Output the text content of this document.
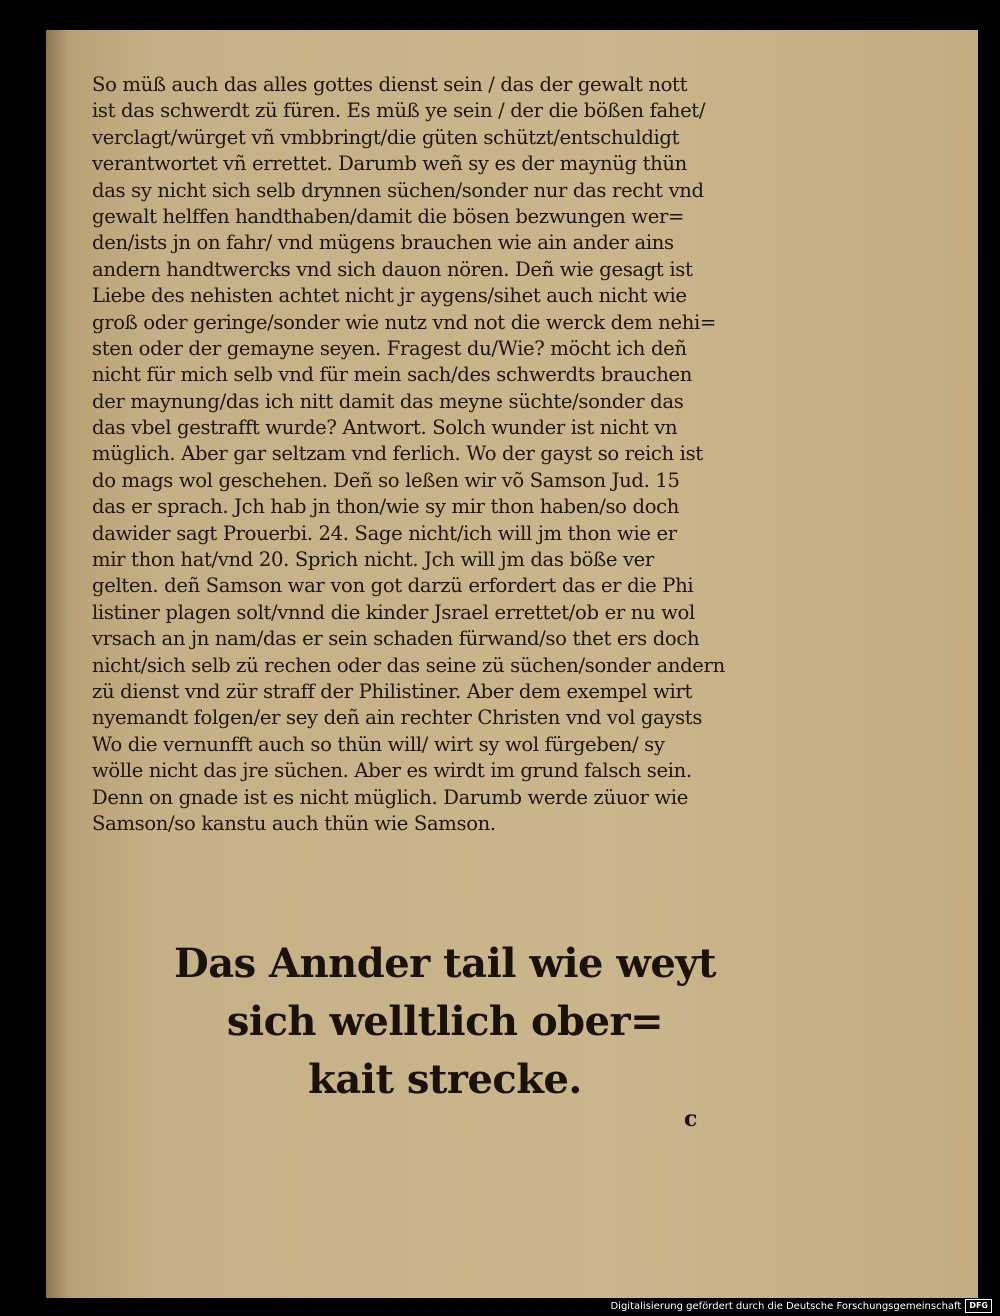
So müß auch das alles gottes dienst sein / das der gewalt nott
ist das schwerdt zü füren. Es müß ye sein / der die bößen fahet/
verclagt/würget vñ vmbbringt/die güten schützt/entschuldigt
verantwortet vñ errettet. Darumb weñ sy es der maynüg thün
das sy nicht sich selb drynnen süchen/sonder nur das recht vnd
gewalt helffen handthaben/damit die bösen bezwungen wer=
den/ists jn on fahr/ vnd mügens brauchen wie ain ander ains
andern handtwercks vnd sich dauon nören. Deñ wie gesagt ist
Liebe des nehisten achtet nicht jr aygens/sihet auch nicht wie
groß oder geringe/sonder wie nutz vnd not die werck dem nehi=
sten oder der gemayne seyen. Fragest du/Wie? möcht ich deñ
nicht für mich selb vnd für mein sach/des schwerdts brauchen
der maynung/das ich nitt damit das meyne süchte/sonder das
das vbel gestrafft wurde? Antwort. Solch wunder ist nicht vn
müglich. Aber gar seltzam vnd ferlich. Wo der gayst so reich ist
do mags wol geschehen. Deñ so leßen wir võ Samson Jud. 15
das er sprach. Jch hab jn thon/wie sy mir thon haben/so doch
dawider sagt Prouerbi. 24. Sage nicht/ich will jm thon wie er
mir thon hat/vnd 20. Sprich nicht. Jch will jm das böße ver
gelten. deñ Samson war von got darzü erfordert das er die Phi
listiner plagen solt/vnnd die kinder Jsrael errettet/ob er nu wol
vrsach an jn nam/das er sein schaden fürwand/so thet ers doch
nicht/sich selb zü rechen oder das seine zü süchen/sonder andern
zü dienst vnd zür straff der Philistiner. Aber dem exempel wirt
nyemandt folgen/er sey deñ ain rechter Christen vnd vol gaysts
Wo die vernunfft auch so thün will/ wirt sy wol fürgeben/ sy
wölle nicht das jre süchen. Aber es wirdt im grund falsch sein.
Denn on gnade ist es nicht müglich. Darumb werde züuor wie
Samson/so kanstu auch thün wie Samson.
Das Annder tail wie weyt
sich welltlich ober=
kait strecke.
c
Digitalisierung gefördert durch die Deutsche Forschungsgemeinschaft	DFG
